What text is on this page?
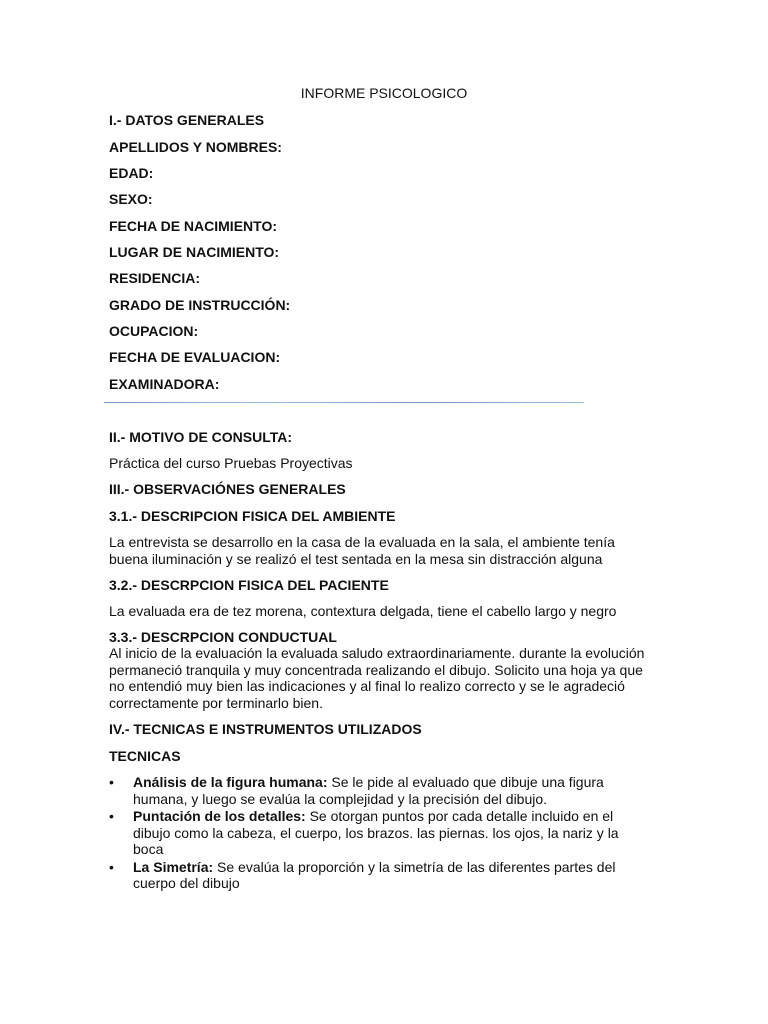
INFORME PSICOLOGICO
I.- DATOS GENERALES
APELLIDOS Y NOMBRES:
EDAD:
SEXO:
FECHA DE NACIMIENTO:
LUGAR DE NACIMIENTO:
RESIDENCIA:
GRADO DE INSTRUCCIÓN:
OCUPACION:
FECHA DE EVALUACION:
EXAMINADORA:
II.- MOTIVO DE CONSULTA:
Práctica del curso Pruebas Proyectivas
III.- OBSERVACIÓNES GENERALES
3.1.- DESCRIPCION FISICA DEL AMBIENTE
La entrevista se desarrollo en la casa de la evaluada en la sala, el ambiente tenía buena iluminación y se realizó el test sentada en la mesa sin distracción alguna
3.2.- DESCRPCION FISICA DEL PACIENTE
La evaluada era de tez morena, contextura delgada, tiene el cabello largo y negro
3.3.- DESCRPCION CONDUCTUAL
Al inicio de la evaluación la evaluada saludo extraordinariamente. durante la evolución permaneció tranquila y muy concentrada realizando el dibujo. Solicito una hoja ya que no entendió muy bien las indicaciones y al final lo realizo correcto y se le agradeció correctamente por terminarlo bien.
IV.- TECNICAS E INSTRUMENTOS UTILIZADOS
TECNICAS
• Análisis de la figura humana: Se le pide al evaluado que dibuje una figura humana, y luego se evalúa la complejidad y la precisión del dibujo.
• Puntación de los detalles: Se otorgan puntos por cada detalle incluido en el dibujo como la cabeza, el cuerpo, los brazos. las piernas. los ojos, la nariz y la boca
• La Simetría: Se evalúa la proporción y la simetría de las diferentes partes del cuerpo del dibujo
